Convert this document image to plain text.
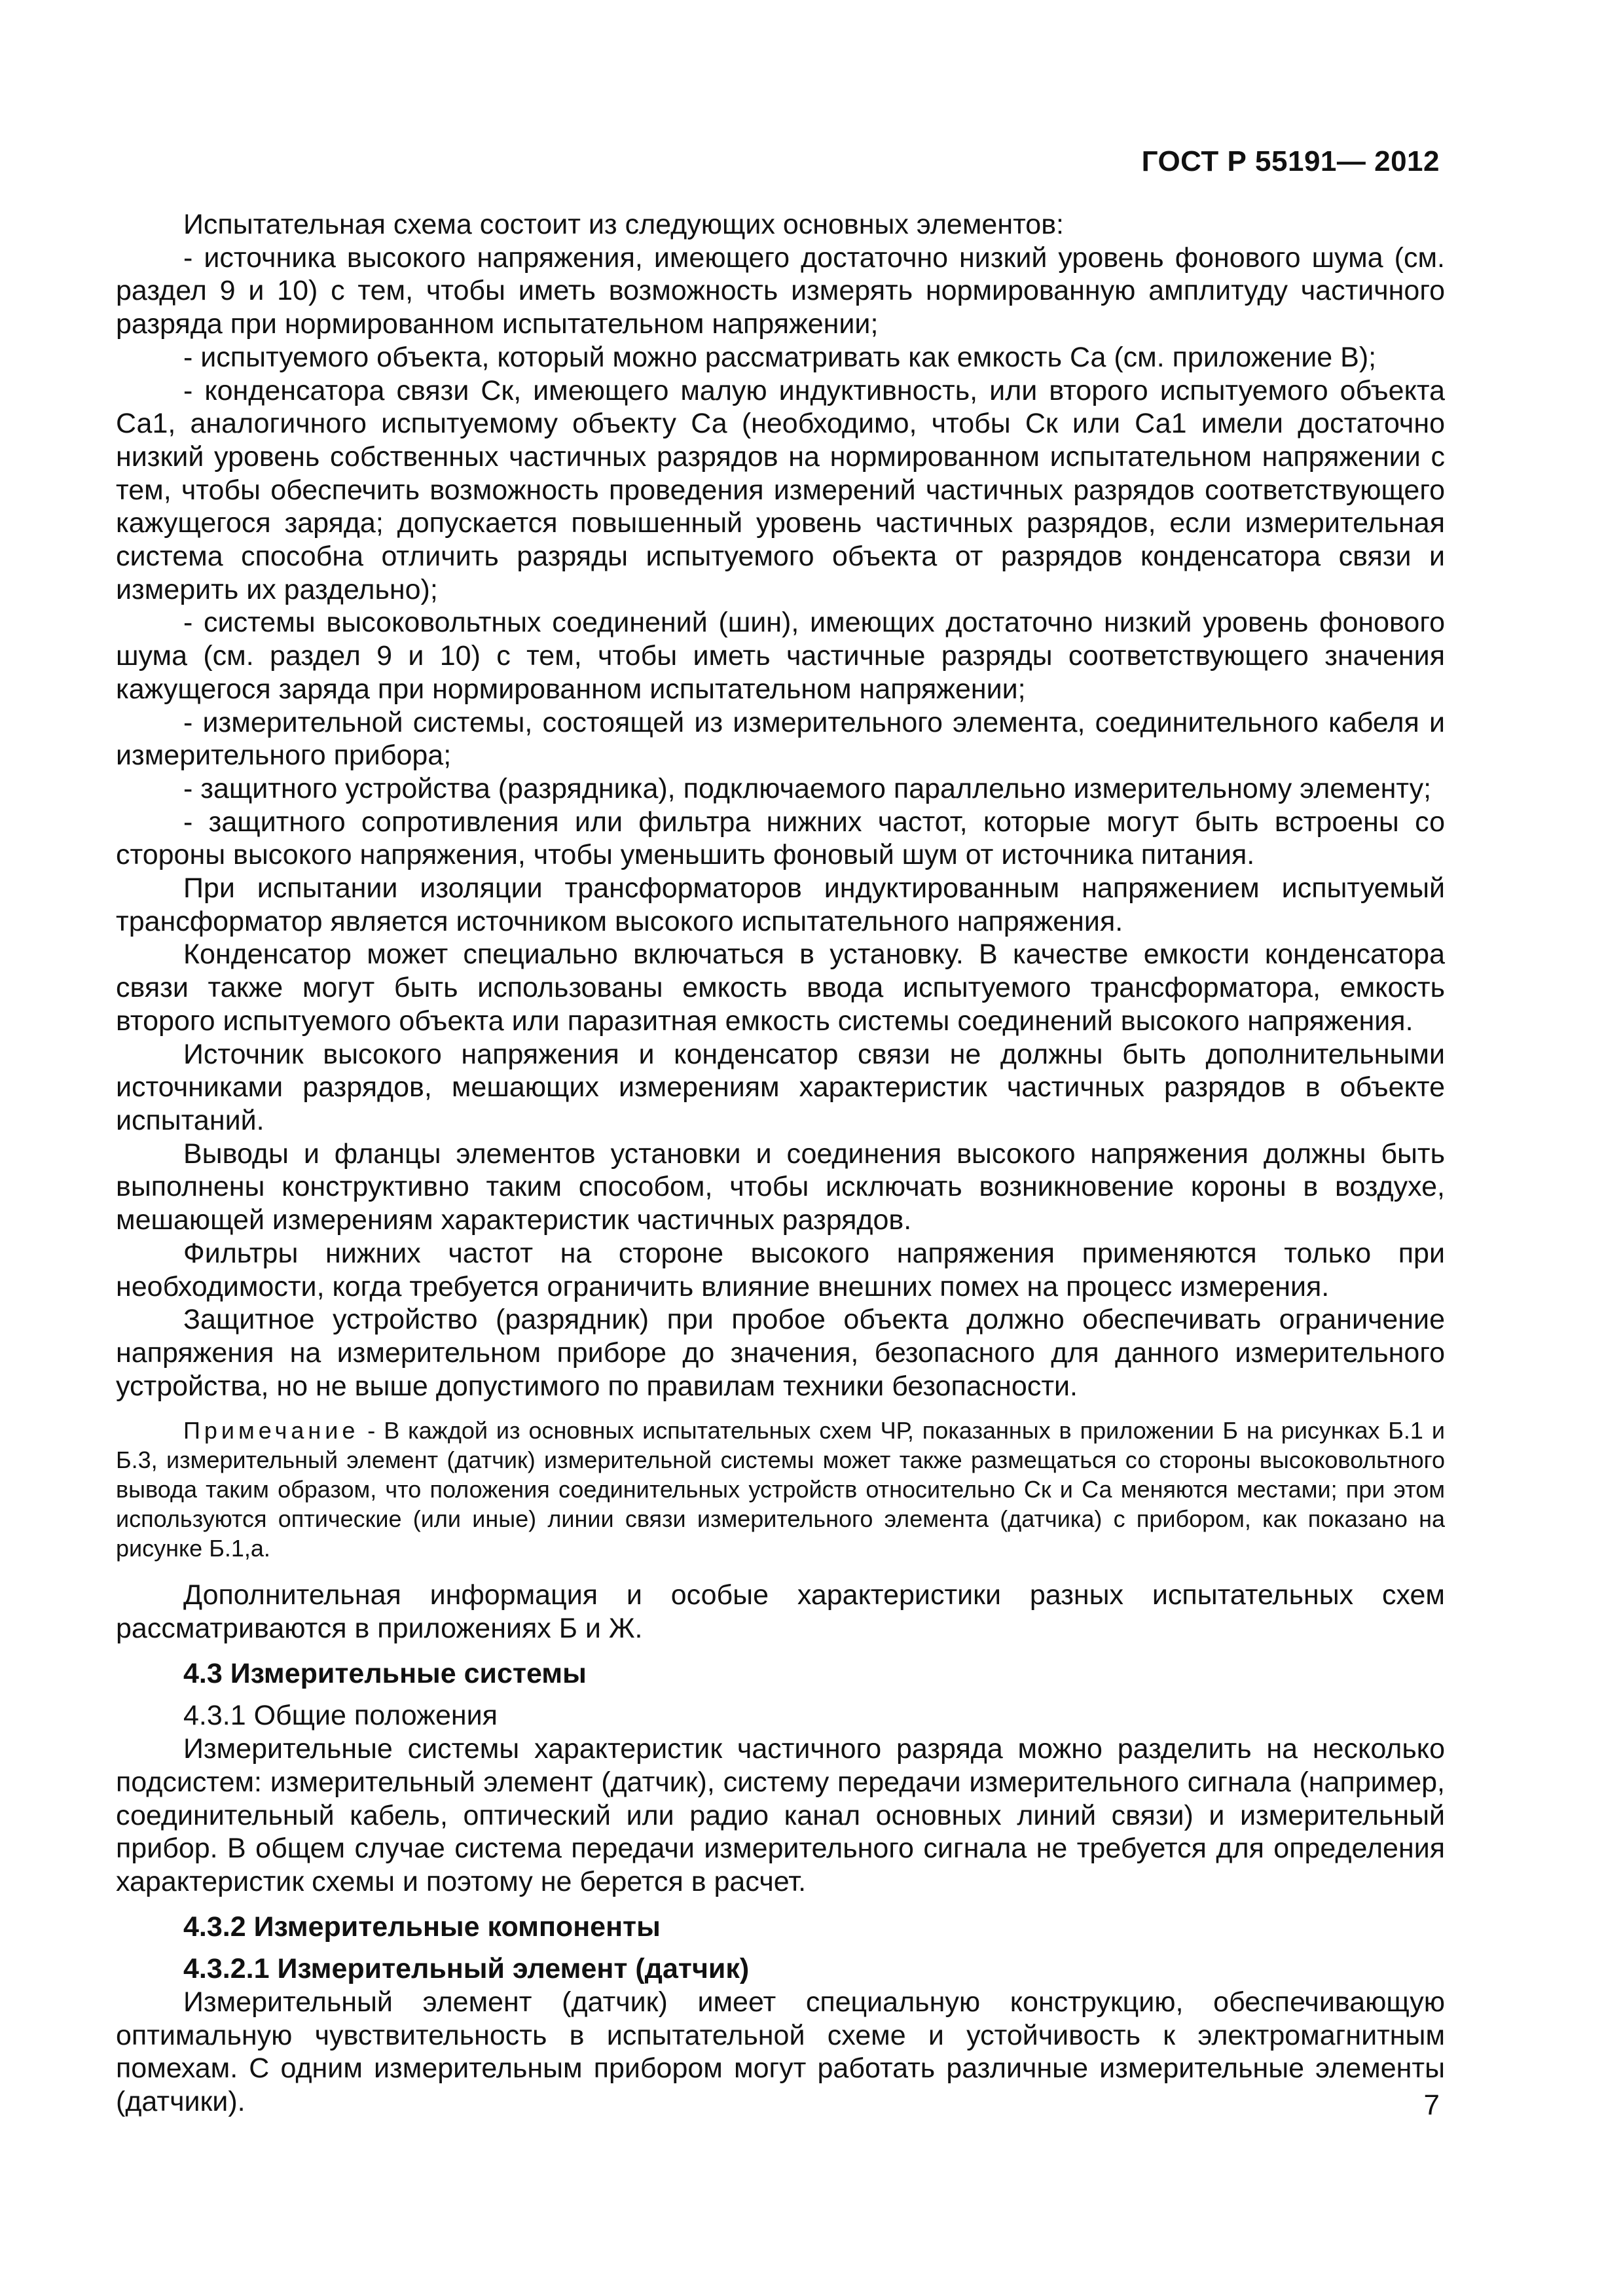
ГОСТ Р 55191— 2012

Испытательная схема состоит из следующих основных элементов:

- источника высокого напряжения, имеющего достаточно низкий уровень фонового шума (см. раздел 9 и 10) с тем, чтобы иметь возможность измерять нормированную амплитуду частичного разряда при нормированном испытательном напряжении;

- испытуемого объекта, который можно рассматривать как емкость Са (см. приложение В);

- конденсатора связи Ск, имеющего малую индуктивность, или второго испытуемого объекта Са1, аналогичного испытуемому объекту Са (необходимо, чтобы Ск или Са1 имели достаточно низкий уровень собственных частичных разрядов на нормированном испытательном напряжении с тем, чтобы обеспечить возможность проведения измерений частичных разрядов соответствующего кажущегося заряда; допускается повышенный уровень частичных разрядов, если измерительная система способна отличить разряды испытуемого объекта от разрядов конденсатора связи и измерить их раздельно);

- системы высоковольтных соединений (шин), имеющих достаточно низкий уровень фонового шума (см. раздел 9 и 10) с тем, чтобы иметь частичные разряды соответствующего значения кажущегося заряда при нормированном испытательном напряжении;

- измерительной системы, состоящей из измерительного элемента, соединительного кабеля и измерительного прибора;

- защитного устройства (разрядника), подключаемого параллельно измерительному элементу;

- защитного сопротивления или фильтра нижних частот, которые могут быть встроены со стороны высокого напряжения, чтобы уменьшить фоновый шум от источника питания.

При испытании изоляции трансформаторов индуктированным напряжением испытуемый трансформатор является источником высокого испытательного напряжения.

Конденсатор может специально включаться в установку. В качестве емкости конденсатора связи также могут быть использованы емкость ввода испытуемого трансформатора, емкость второго испытуемого объекта или паразитная емкость системы соединений высокого напряжения.

Источник высокого напряжения и конденсатор связи не должны быть дополнительными источниками разрядов, мешающих измерениям характеристик частичных разрядов в объекте испытаний.

Выводы и фланцы элементов установки и соединения высокого напряжения должны быть выполнены конструктивно таким способом, чтобы исключать возникновение короны в воздухе, мешающей измерениям характеристик частичных разрядов.

Фильтры нижних частот на стороне высокого напряжения применяются только при необходимости, когда требуется ограничить влияние внешних помех на процесс измерения.

Защитное устройство (разрядник) при пробое объекта должно обеспечивать ограничение напряжения на измерительном приборе до значения, безопасного для данного измерительного устройства, но не выше допустимого по правилам техники безопасности.

Примечание - В каждой из основных испытательных схем ЧР, показанных в приложении Б на рисунках Б.1 и Б.3, измерительный элемент (датчик) измерительной системы может также размещаться со стороны высоковольтного вывода таким образом, что положения соединительных устройств относительно Ск и Са меняются местами; при этом используются оптические (или иные) линии связи измерительного элемента (датчика) с прибором, как показано на рисунке Б.1,а.

Дополнительная информация и особые характеристики разных испытательных схем рассматриваются в приложениях Б и Ж.

4.3 Измерительные системы

4.3.1 Общие положения

Измерительные системы характеристик частичного разряда можно разделить на несколько подсистем: измерительный элемент (датчик), систему передачи измерительного сигнала (например, соединительный кабель, оптический или радио канал основных линий связи) и измерительный прибор. В общем случае система передачи измерительного сигнала не требуется для определения характеристик схемы и поэтому не берется в расчет.

4.3.2 Измерительные компоненты
4.3.2.1 Измерительный элемент (датчик)

Измерительный элемент (датчик) имеет специальную конструкцию, обеспечивающую оптимальную чувствительность в испытательной схеме и устойчивость к электромагнитным помехам. С одним измерительным прибором могут работать различные измерительные элементы (датчики).	7
